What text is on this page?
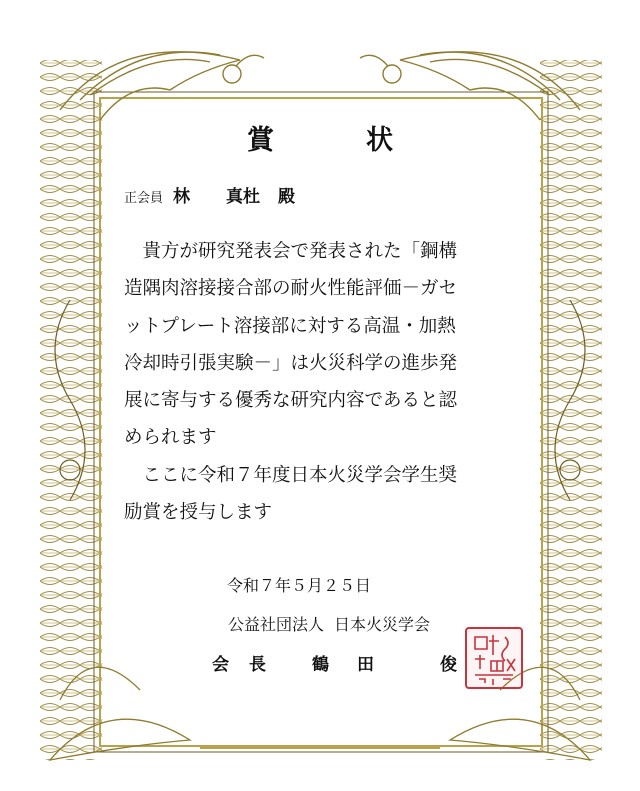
賞	状
正会員 林 真杜 殿
　貴方が研究発表会で発表された「鋼構
造隅肉溶接接合部の耐火性能評価－ガセ
ットプレート溶接部に対する高温・加熱
冷却時引張実験－」は火災科学の進歩発
展に寄与する優秀な研究内容であると認
められます
　ここに令和７年度日本火災学会学生奨
励賞を授与します
令和７年５月２５日
公益社団法人 日本火災学会
会 長	鶴 田	俊
